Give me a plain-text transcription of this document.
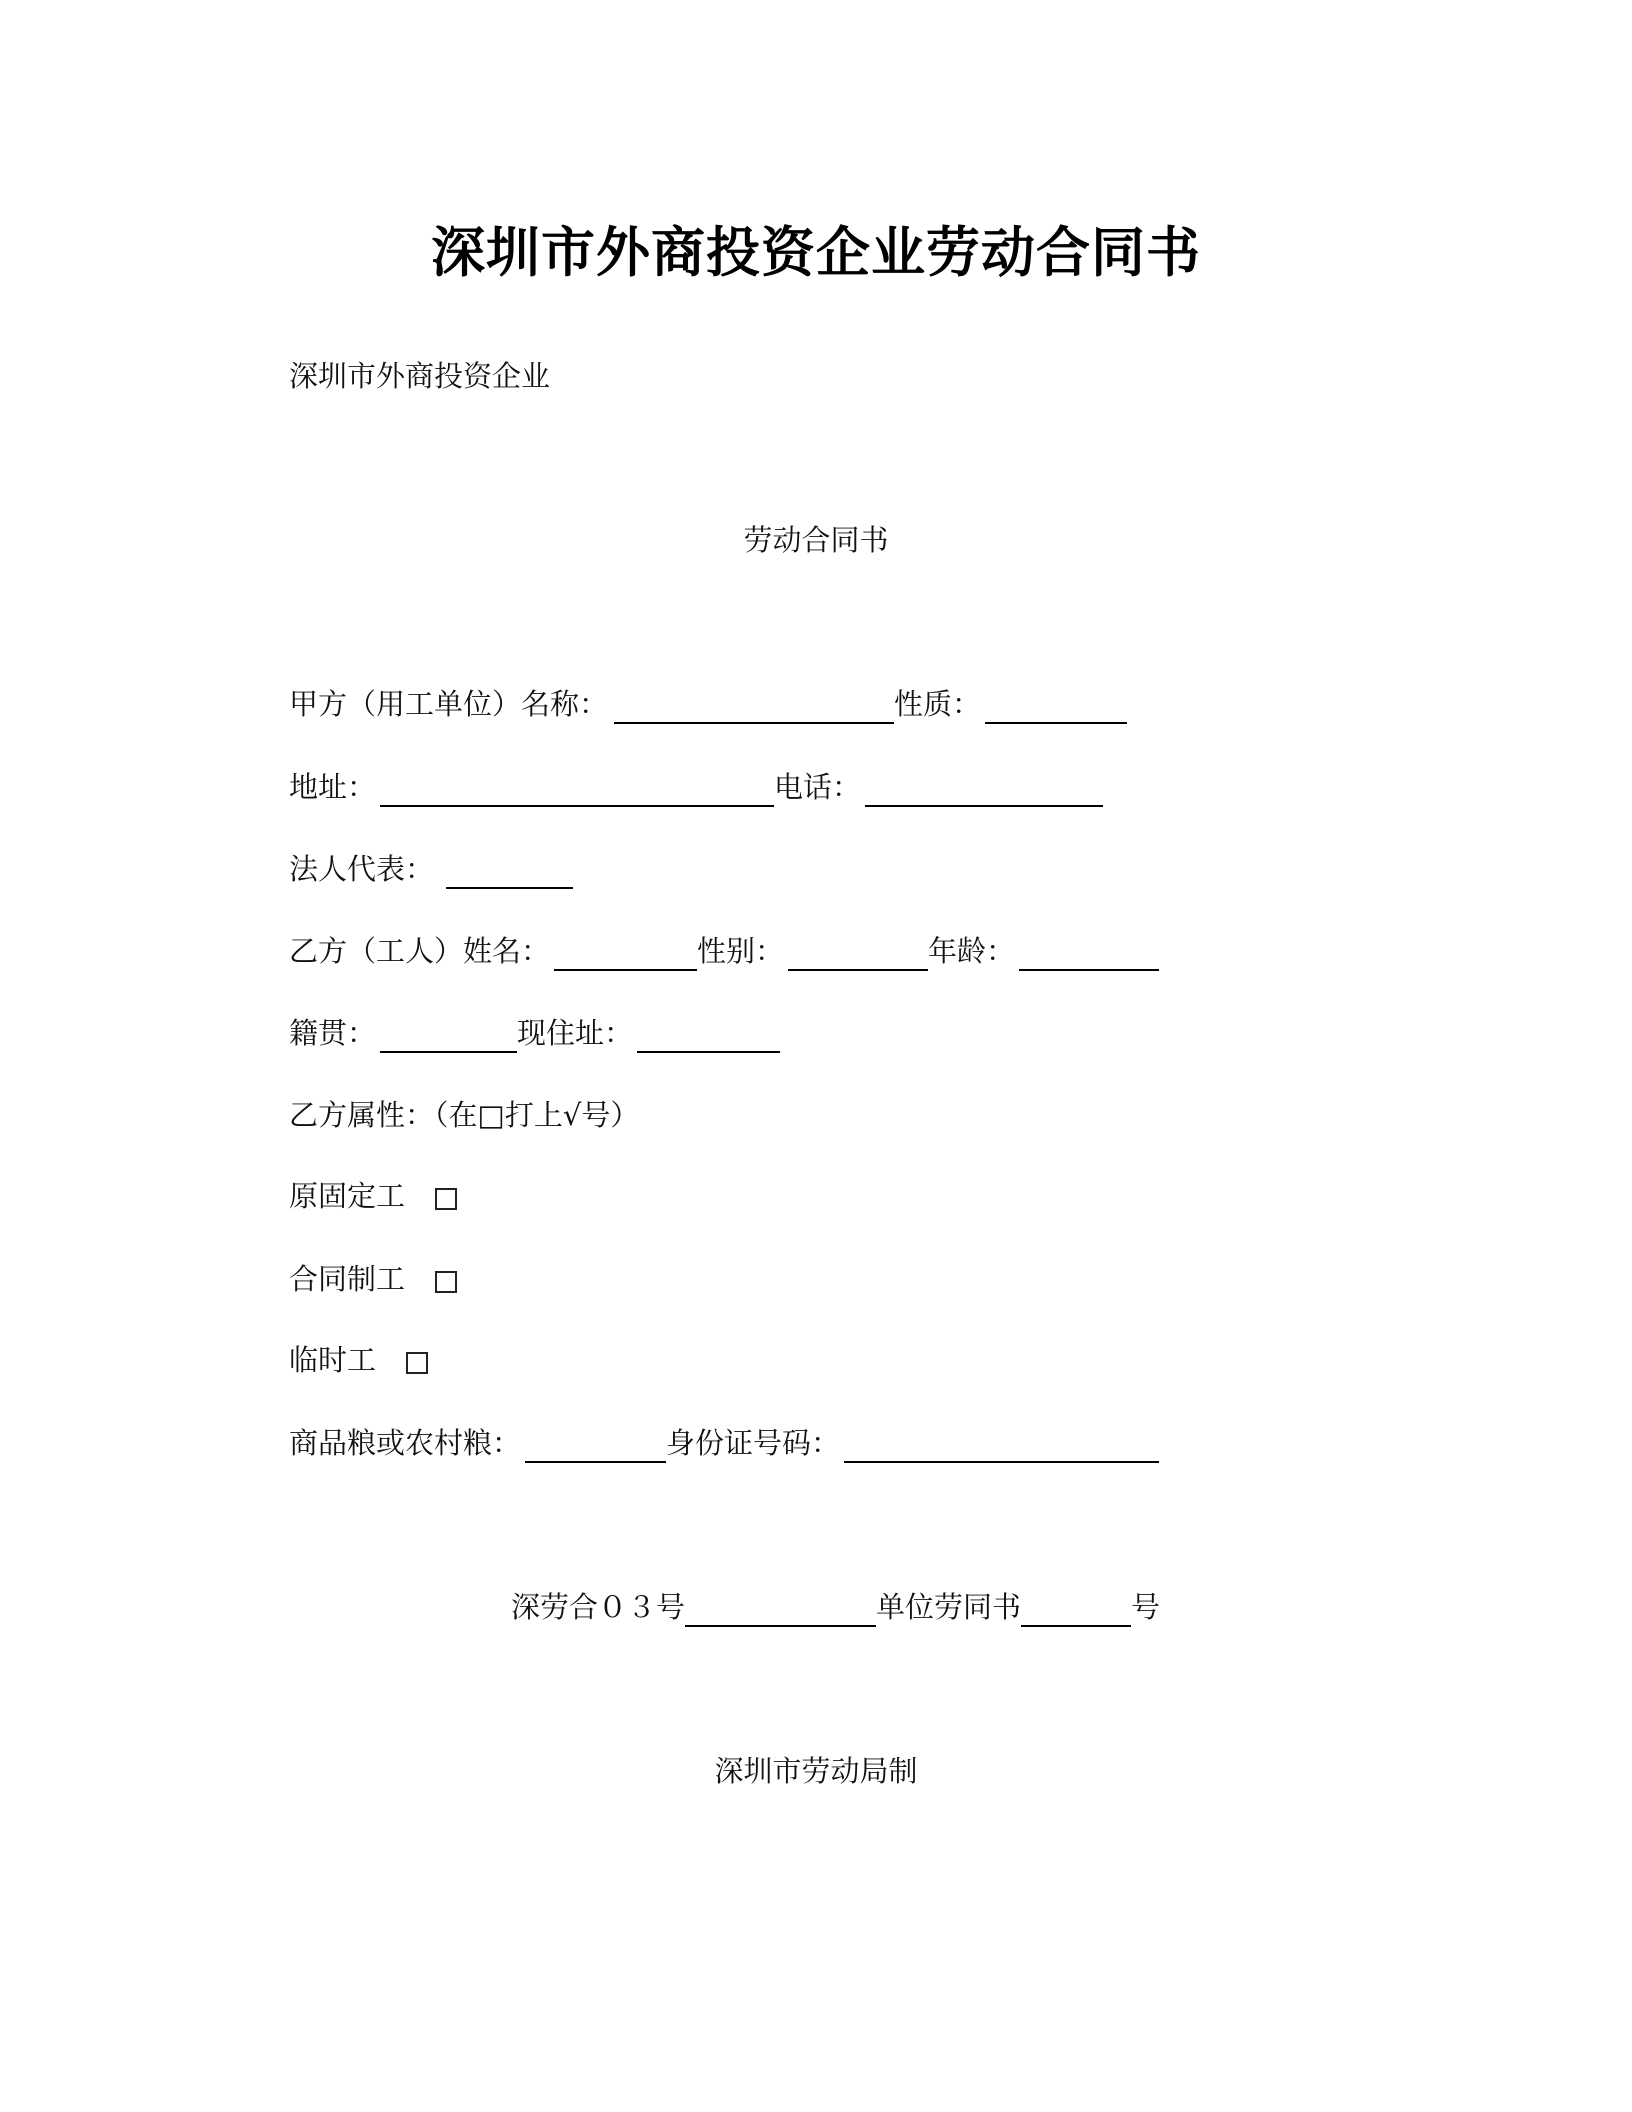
深圳市外商投资企业劳动合同书
深圳市外商投资企业
劳动合同书
甲方（用工单位）名称：	性质：
地址：	电话：
法人代表：
乙方（工人）姓名：	性别：	年龄：
籍贯：	现住址：
乙方属性：（在□打上√号）
原固定工
合同制工
临时工
商品粮或农村粮：	身份证号码：
深劳合０３号	单位劳同书	号
深圳市劳动局制
